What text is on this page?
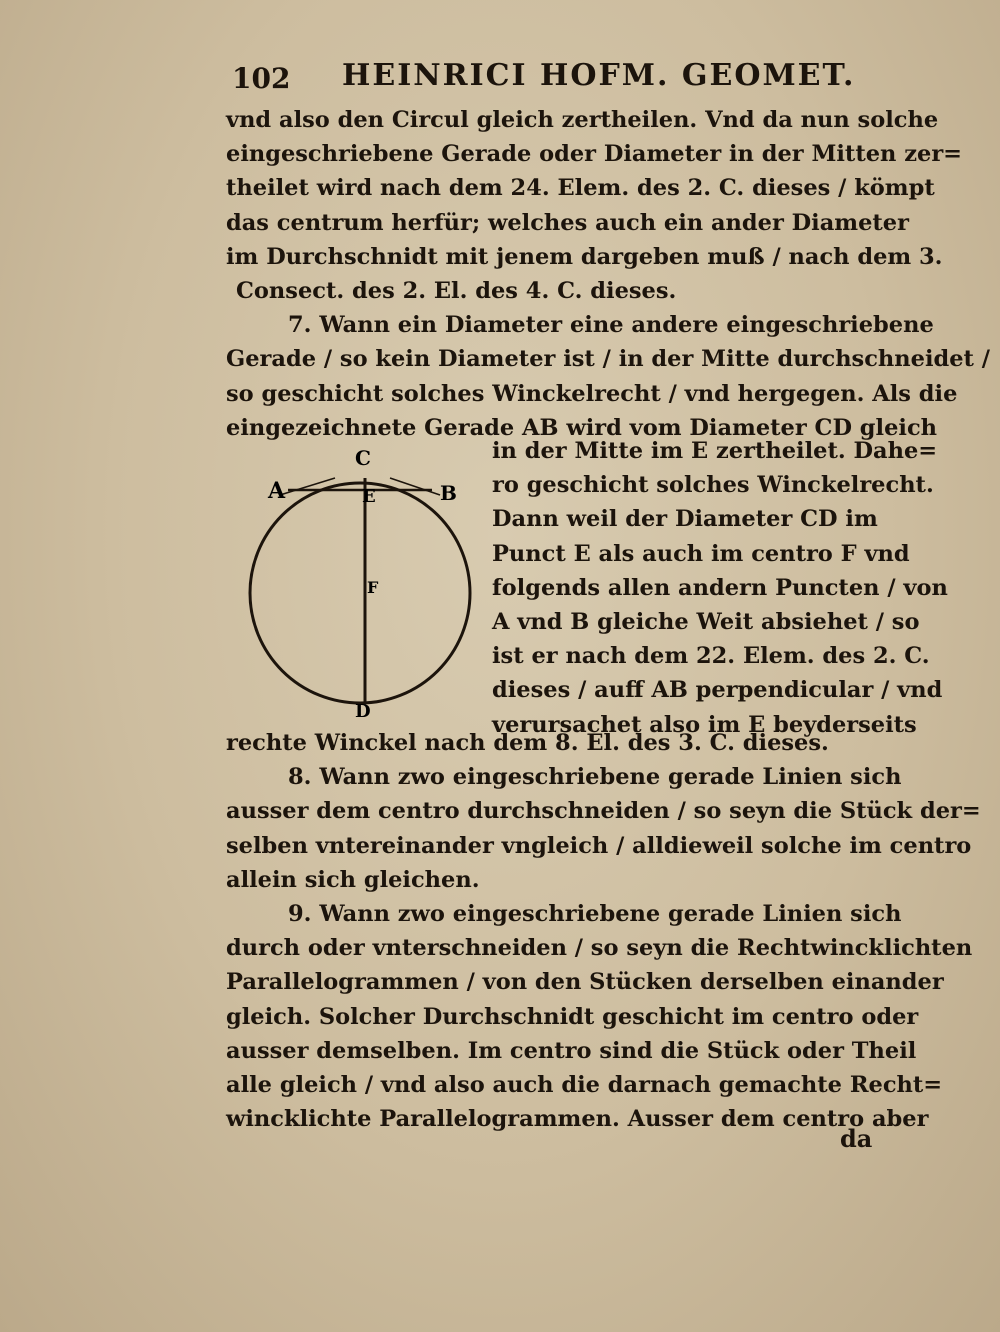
102 HEINRICI HOFM. GEOMET.
vnd also den Circul gleich zertheilen. Vnd da nun solche
eingeschriebene Gerade oder Diameter in der Mitten zer=
theilet wird nach dem 24. Elem. des 2. C. dieses / kömpt
das centrum herfür; welches auch ein ander Diameter
im Durchschnidt mit jenem dargeben muß / nach dem 3.
Consect. des 2. El. des 4. C. dieses.
7. Wann ein Diameter eine andere eingeschriebene
Gerade / so kein Diameter ist / in der Mitte durchschneidet /
so geschicht solches Winckelrecht / vnd hergegen. Als die
eingezeichnete Gerade AB wird vom Diameter CD gleich
C
A	B
E
F
D
in der Mitte im E zertheilet. Dahe=
ro geschicht solches Winckelrecht.
Dann weil der Diameter CD im
Punct E als auch im centro F vnd
folgends allen andern Puncten / von
A vnd B gleiche Weit absiehet / so
ist er nach dem 22. Elem. des 2. C.
dieses / auff AB perpendicular / vnd
verursachet also im E beyderseits
rechte Winckel nach dem 8. El. des 3. C. dieses.
8. Wann zwo eingeschriebene gerade Linien sich
ausser dem centro durchschneiden / so seyn die Stück der=
selben vntereinander vngleich / alldieweil solche im centro
allein sich gleichen.
9. Wann zwo eingeschriebene gerade Linien sich
durch oder vnterschneiden / so seyn die Rechtwincklichten
Parallelogrammen / von den Stücken derselben einander
gleich. Solcher Durchschnidt geschicht im centro oder
ausser demselben. Im centro sind die Stück oder Theil
alle gleich / vnd also auch die darnach gemachte Recht=
wincklichte Parallelogrammen. Ausser dem centro aber
da
